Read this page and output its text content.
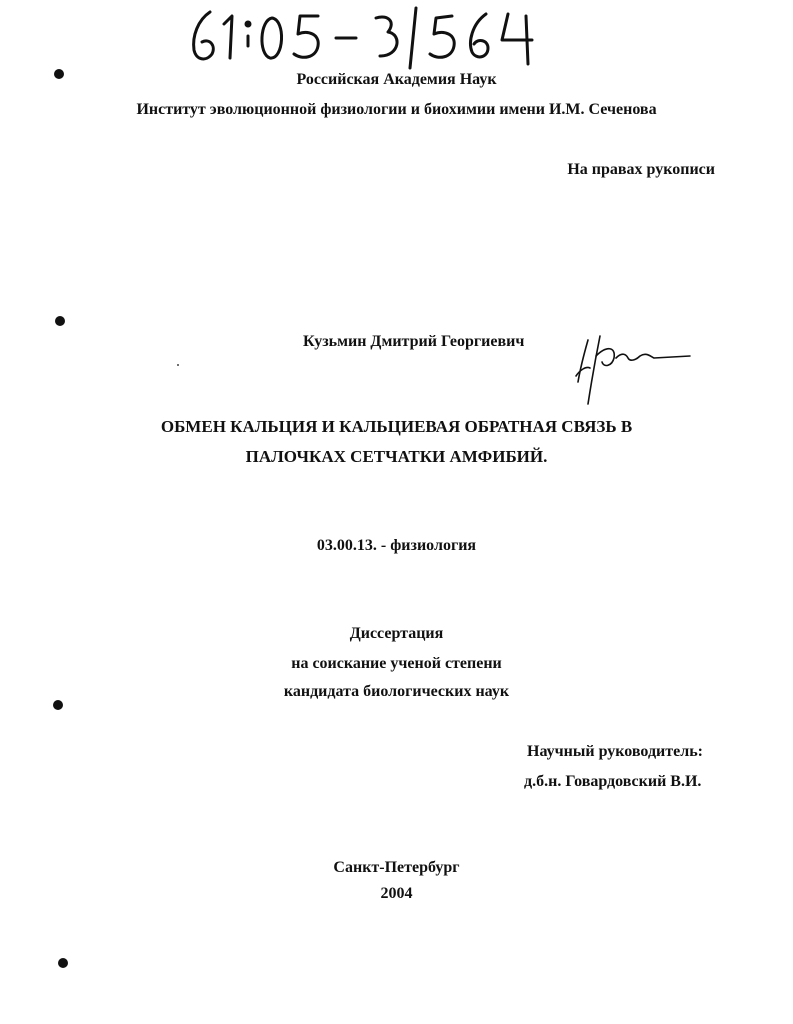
Российская Академия Наук
Институт эволюционной физиологии и биохимии имени И.М. Сеченова
На правах рукописи
Кузьмин Дмитрий Георгиевич
ОБМЕН КАЛЬЦИЯ И КАЛЬЦИЕВАЯ ОБРАТНАЯ СВЯЗЬ В
ПАЛОЧКАХ СЕТЧАТКИ АМФИБИЙ.
03.00.13. - физиология
Диссертация
на соискание ученой степени
кандидата биологических наук
Научный руководитель:
д.б.н. Говардовский В.И.
Санкт-Петербург
2004
